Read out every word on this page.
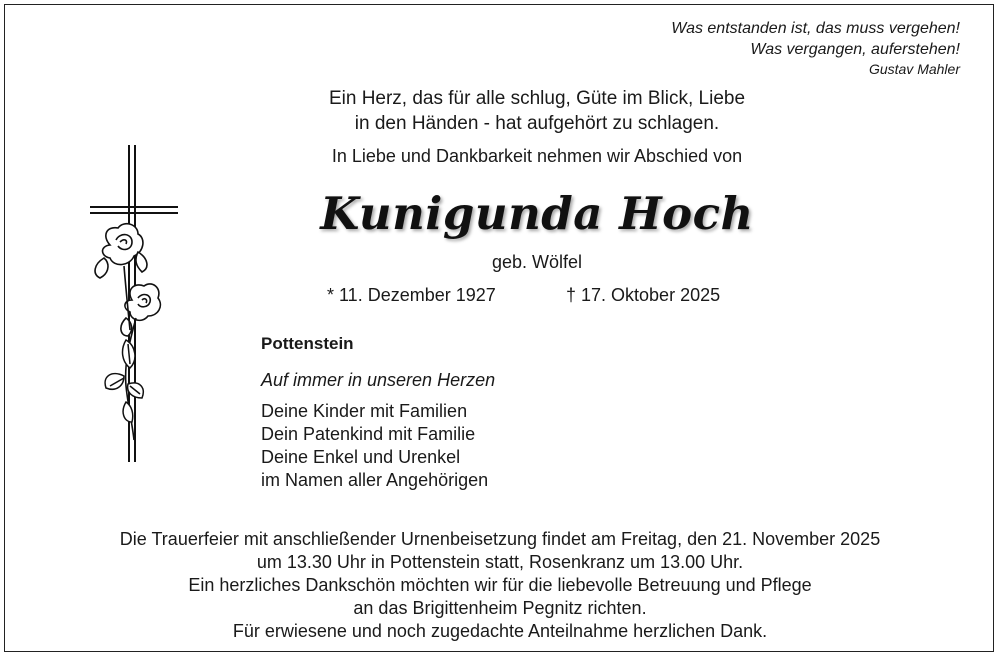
Was entstanden ist, das muss vergehen!
Was vergangen, auferstehen!
Gustav Mahler
Ein Herz, das für alle schlug, Güte im Blick, Liebe
in den Händen - hat aufgehört zu schlagen.
In Liebe und Dankbarkeit nehmen wir Abschied von
Kunigunda Hoch
geb. Wölfel
* 11. Dezember 1927	† 17. Oktober 2025
Pottenstein
Auf immer in unseren Herzen
Deine Kinder mit Familien
Dein Patenkind mit Familie
Deine Enkel und Urenkel
im Namen aller Angehörigen
Die Trauerfeier mit anschließender Urnenbeisetzung findet am Freitag, den 21. November 2025
um 13.30 Uhr in Pottenstein statt, Rosenkranz um 13.00 Uhr.
Ein herzliches Dankschön möchten wir für die liebevolle Betreuung und Pflege
an das Brigittenheim Pegnitz richten.
Für erwiesene und noch zugedachte Anteilnahme herzlichen Dank.
